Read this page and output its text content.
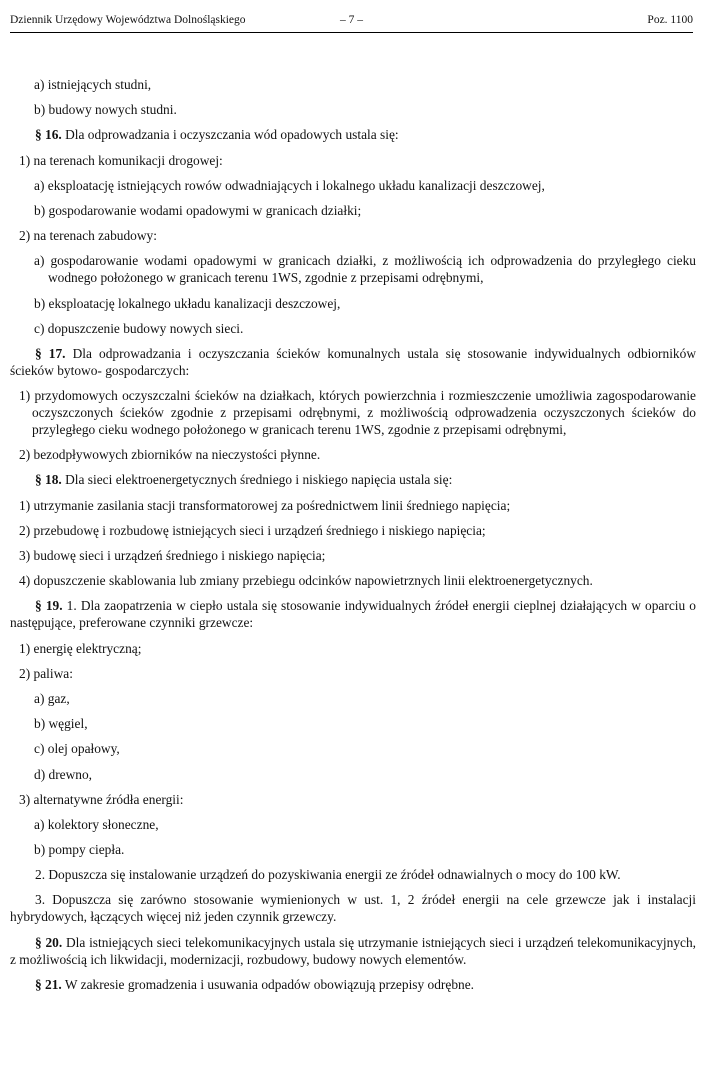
Dziennik Urzędowy Województwa Dolnośląskiego	– 7 –	Poz. 1100

a) istniejących studni,

b) budowy nowych studni.

§ 16. Dla odprowadzania i oczyszczania wód opadowych ustala się:

1) na terenach komunikacji drogowej:

a) eksploatację istniejących rowów odwadniających i lokalnego układu kanalizacji deszczowej,

b) gospodarowanie wodami opadowymi w granicach działki;

2) na terenach zabudowy:

a) gospodarowanie wodami opadowymi w granicach działki, z możliwością ich odprowadzenia do przyległego cieku wodnego położonego w granicach terenu 1WS, zgodnie z przepisami odrębnymi,

b) eksploatację lokalnego układu kanalizacji deszczowej,

c) dopuszczenie budowy nowych sieci.

§ 17. Dla odprowadzania i oczyszczania ścieków komunalnych ustala się stosowanie indywidualnych odbiorników ścieków bytowo- gospodarczych:

1) przydomowych oczyszczalni ścieków na działkach, których powierzchnia i rozmieszczenie umożliwia zagospodarowanie oczyszczonych ścieków zgodnie z przepisami odrębnymi, z możliwością odprowadzenia oczyszczonych ścieków do przyległego cieku wodnego położonego w granicach terenu 1WS, zgodnie z przepisami odrębnymi,

2) bezodpływowych zbiorników na nieczystości płynne.

§ 18. Dla sieci elektroenergetycznych średniego i niskiego napięcia ustala się:

1) utrzymanie zasilania stacji transformatorowej za pośrednictwem linii średniego napięcia;

2) przebudowę i rozbudowę istniejących sieci i urządzeń średniego i niskiego napięcia;

3) budowę sieci i urządzeń średniego i niskiego napięcia;

4) dopuszczenie skablowania lub zmiany przebiegu odcinków napowietrznych linii elektroenergetycznych.

§ 19. 1. Dla zaopatrzenia w ciepło ustala się stosowanie indywidualnych źródeł energii cieplnej działających w oparciu o następujące, preferowane czynniki grzewcze:

1) energię elektryczną;

2) paliwa:

a) gaz,

b) węgiel,

c) olej opałowy,

d) drewno,

3) alternatywne źródła energii:

a) kolektory słoneczne,

b) pompy ciepła.

2. Dopuszcza się instalowanie urządzeń do pozyskiwania energii ze źródeł odnawialnych o mocy do 100 kW.

3. Dopuszcza się zarówno stosowanie wymienionych w ust. 1, 2 źródeł energii na cele grzewcze jak i instalacji hybrydowych, łączących więcej niż jeden czynnik grzewczy.

§ 20. Dla istniejących sieci telekomunikacyjnych ustala się utrzymanie istniejących sieci i urządzeń telekomunikacyjnych, z możliwością ich likwidacji, modernizacji, rozbudowy, budowy nowych elementów.

§ 21. W zakresie gromadzenia i usuwania odpadów obowiązują przepisy odrębne.
